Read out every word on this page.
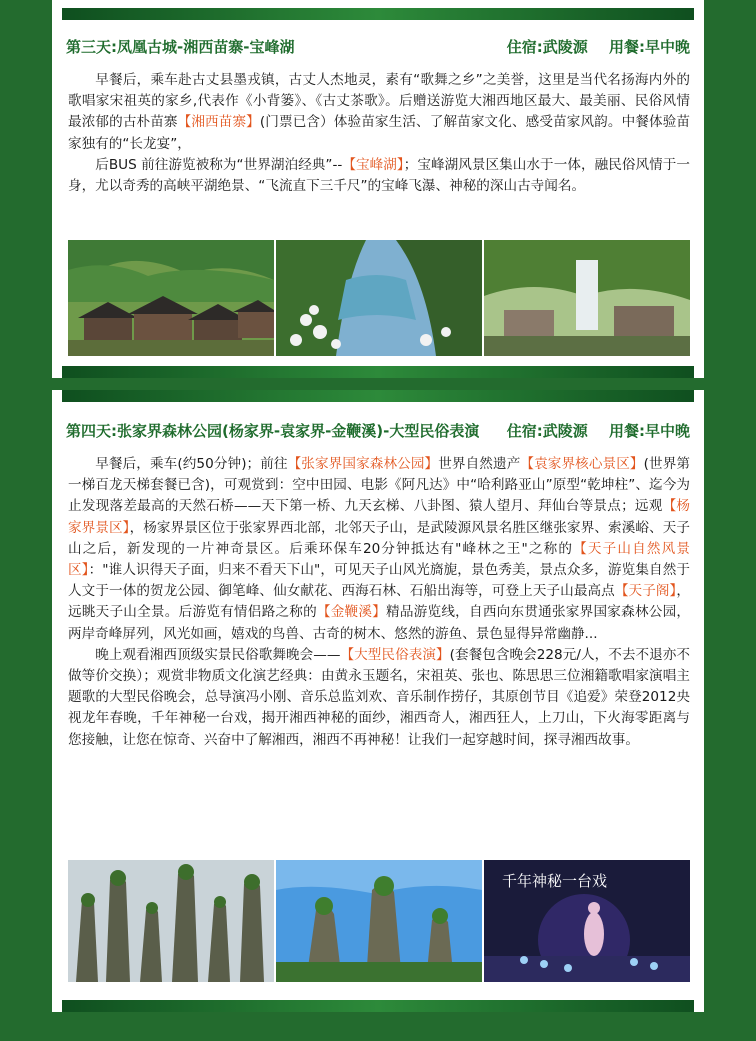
第三天:凤凰古城-湘西苗寨-宝峰湖	住宿:武陵源 用餐:早中晚

早餐后，乘车赴古丈县墨戎镇，古丈人杰地灵，素有“歌舞之乡”之美誉，这里是当代名扬海内外的歌唱家宋祖英的家乡,代表作《小背篓》、《古丈茶歌》。后赠送游览大湘西地区最大、最美丽、民俗风情最浓郁的古朴苗寨【湘西苗寨】(门票已含）体验苗家生活、了解苗家文化、感受苗家风韵。中餐体验苗家独有的“长龙宴”，

后BUS 前往游览被称为“世界湖泊经典”--【宝峰湖】；宝峰湖风景区集山水于一体，融民俗风情于一身，尤以奇秀的高峡平湖绝景、“飞流直下三千尺”的宝峰飞瀑、神秘的深山古寺闻名。

第四天:张家界森林公园(杨家界-袁家界-金鞭溪)-大型民俗表演	住宿:武陵源 用餐:早中晚

早餐后，乘车(约50分钟)；前往【张家界国家森林公园】世界自然遗产【袁家界核心景区】(世界第一梯百龙天梯套餐已含)，可观赏到：空中田园、电影《阿凡达》中“哈利路亚山”原型“乾坤柱”、迄今为止发现落差最高的天然石桥——天下第一桥、九天玄梯、八卦图、猿人望月、拜仙台等景点；远观【杨家界景区】，杨家界景区位于张家界西北部，北邻天子山，是武陵源风景名胜区继张家界、索溪峪、天子山之后，新发现的一片神奇景区。后乘环保车20分钟抵达有"峰林之王"之称的【天子山自然风景区】："谁人识得天子面，归来不看天下山"，可见天子山风光旖旎，景色秀美，景点众多，游览集自然于人文于一体的贺龙公园、御笔峰、仙女献花、西海石林、石船出海等，可登上天子山最高点【天子阁】，远眺天子山全景。后游览有情侣路之称的【金鞭溪】精品游览线，自西向东贯通张家界国家森林公园，两岸奇峰屏列，风光如画，嬉戏的鸟兽、古奇的树木、悠然的游鱼、景色显得异常幽静...

晚上观看湘西顶级实景民俗歌舞晚会——【大型民俗表演】(套餐包含晚会228元/人，不去不退亦不做等价交换）；观赏非物质文化演艺经典：由黄永玉题名，宋祖英、张也、陈思思三位湘籍歌唱家演唱主题歌的大型民俗晚会，总导演冯小刚、音乐总监刘欢、音乐制作捞仔，其原创节目《追爱》荣登2012央视龙年春晚，千年神秘一台戏，揭开湘西神秘的面纱，湘西奇人，湘西狂人，上刀山，下火海零距离与您接触，让您在惊奇、兴奋中了解湘西，湘西不再神秘！让我们一起穿越时间，探寻湘西故事。

千年神秘一台戏
